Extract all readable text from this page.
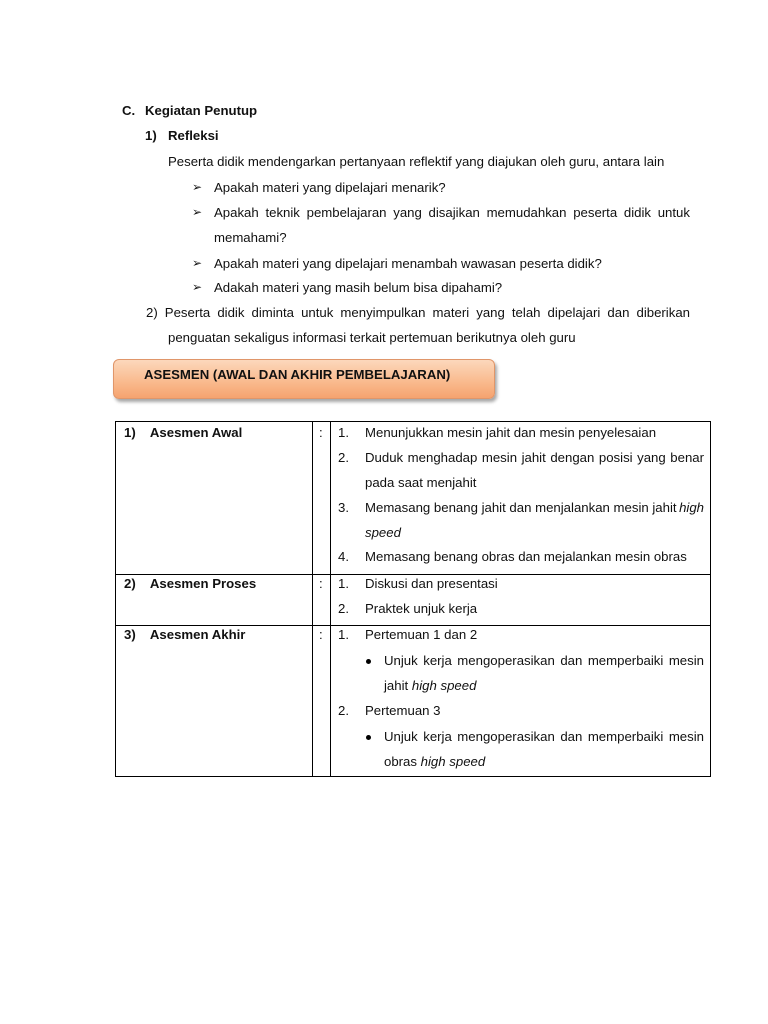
C. Kegiatan Penutup
1) Refleksi
Peserta didik mendengarkan pertanyaan reflektif yang diajukan oleh guru, antara lain
➢ Apakah materi yang dipelajari menarik?
➢ Apakah teknik pembelajaran yang disajikan memudahkan peserta didik untuk
memahami?
➢ Apakah materi yang dipelajari menambah wawasan peserta didik?
➢ Adakah materi yang masih belum bisa dipahami?
2) Peserta didik diminta untuk menyimpulkan materi yang telah dipelajari dan diberikan
penguatan sekaligus informasi terkait pertemuan berikutnya oleh guru
ASESMEN (AWAL DAN AKHIR PEMBELAJARAN)
1)    Asesmen Awal	: 1. Menunjukkan mesin jahit dan mesin penyelesaian
2. Duduk menghadap mesin jahit dengan posisi yang benar
pada saat menjahit
3. Memasang benang jahit dan menjalankan mesin jahit high
speed
4. Memasang benang obras dan mejalankan mesin obras
2)    Asesmen Proses	: 1. Diskusi dan presentasi
2. Praktek unjuk kerja
3)    Asesmen Akhir	: 1. Pertemuan 1 dan 2
Unjuk kerja mengoperasikan dan memperbaiki mesin
jahit high speed
2. Pertemuan 3
Unjuk kerja mengoperasikan dan memperbaiki mesin
obras high speed
